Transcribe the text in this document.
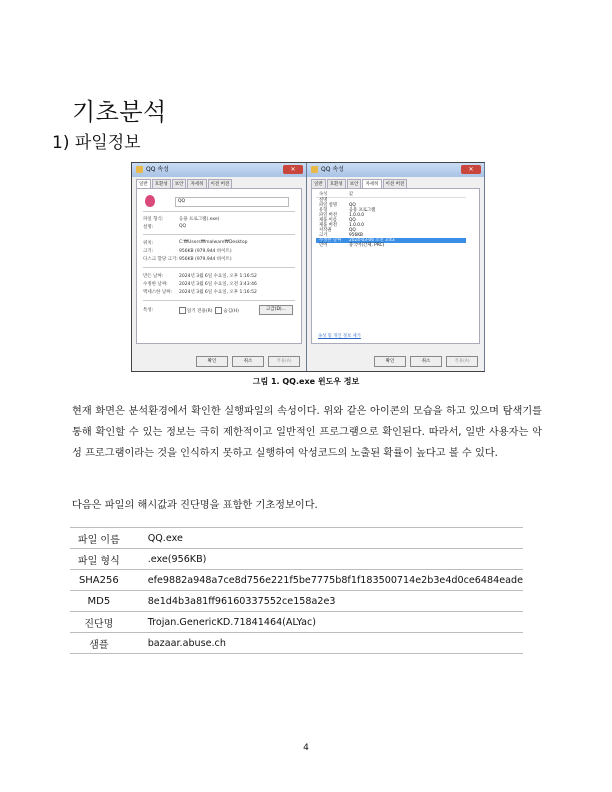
기초분석
1) 파일정보
QQ 속성	✕
일반	호환성	보안	자세히	이전 버전
QQ
파일 형식:	응용 프로그램(.exe)
설명:	QQ
위치:	C:₩Users₩malware₩Desktop
크기:	956KB (979,944 바이트)
디스크 할당 크기: 956KB (979,944 바이트)
만든 날짜:	2024년 3월 6일 수요일, 오후 1:16:52
수정한 날짜:	2024년 3월 6일 수요일, 오전 3:43:46
액세스한 날짜:	2024년 3월 6일 수요일, 오후 1:16:52
특성:	읽기 전용(R) 숨김(H)	고급(D)...
확인	취소	적용(A)
QQ 속성	✕
일반	호환성	보안	자세히	이전 버전
속성	값
설명
파일 설명	QQ
유형	응용 프로그램
파일 버전	1.0.0.0
제품 이름	QQ
제품 버전	1.0.0.0
저작권	QQ
크기	956KB
수정한 날짜	2024-03-06 오전 3:43
언어	중국어(간체, PRC)
속성 및 개인 정보 제거
확인	취소	적용(A)
그림 1. QQ.exe 윈도우 정보
현재 화면은 분석환경에서 확인한 실행파일의 속성이다. 위와 같은 아이콘의 모습을 하고 있으며 탐색기를 통해 확인할 수 있는 정보는 극히 제한적이고 일반적인 프로그램으로 확인된다. 따라서, 일반 사용자는 악성 프로그램이라는 것을 인식하지 못하고 실행하여 악성코드의 노출된 확률이 높다고 볼 수 있다.
다음은 파일의 해시값과 진단명을 표함한 기초정보이다.
파일 이름	QQ.exe
파일 형식	.exe(956KB)
SHA256	efe9882a948a7ce8d756e221f5be7775b8f1f183500714e2b3e4d0ce6484eade
MD5	8e1d4b3a81ff96160337552ce158a2e3
진단명	Trojan.GenericKD.71841464(ALYac)
샘플	bazaar.abuse.ch
4
